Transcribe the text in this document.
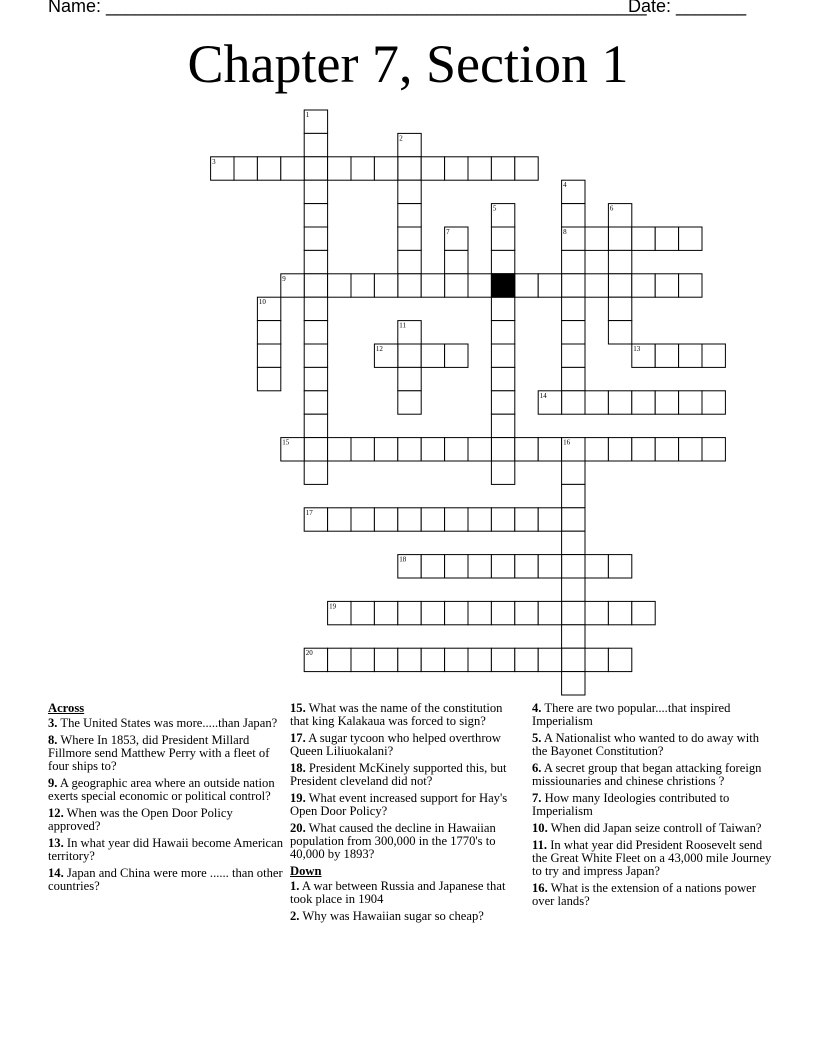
Name: ______________________________________________________
Date: _______
Chapter 7, Section 1
1
2
3
4
8
5	6
7
9
10
11
12	13
14
15	16
17
18
19
20
Across
3. The United States was more.....than Japan?
8. Where In 1853, did President Millard Fillmore send Matthew Perry with a fleet of four ships to?
9. A geographic area where an outside nation exerts special economic or political control?
12. When was the Open Door Policy approved?
13. In what year did Hawaii become American territory?
14. Japan and China were more ...... than other countries?
15. What was the name of the constitution that king Kalakaua was forced to sign?
17. A sugar tycoon who helped overthrow Queen Liliuokalani?
18. President McKinely supported this, but President cleveland did not?
19. What event increased support for Hay's Open Door Policy?
20. What caused the decline in Hawaiian population from 300,000 in the 1770's to 40,000 by 1893?
Down
1. A war between Russia and Japanese that took place in 1904
2. Why was Hawaiian sugar so cheap?
4. There are two popular....that inspired Imperialism
5. A Nationalist who wanted to do away with the Bayonet Constitution?
6. A secret group that began attacking foreign missiounaries and chinese christions ?
7. How many Ideologies contributed to Imperialism
10. When did Japan seize controll of Taiwan?
11. In what year did President Roosevelt send the Great White Fleet on a 43,000 mile Journey to try and impress Japan?
16. What is the extension of a nations power over lands?
